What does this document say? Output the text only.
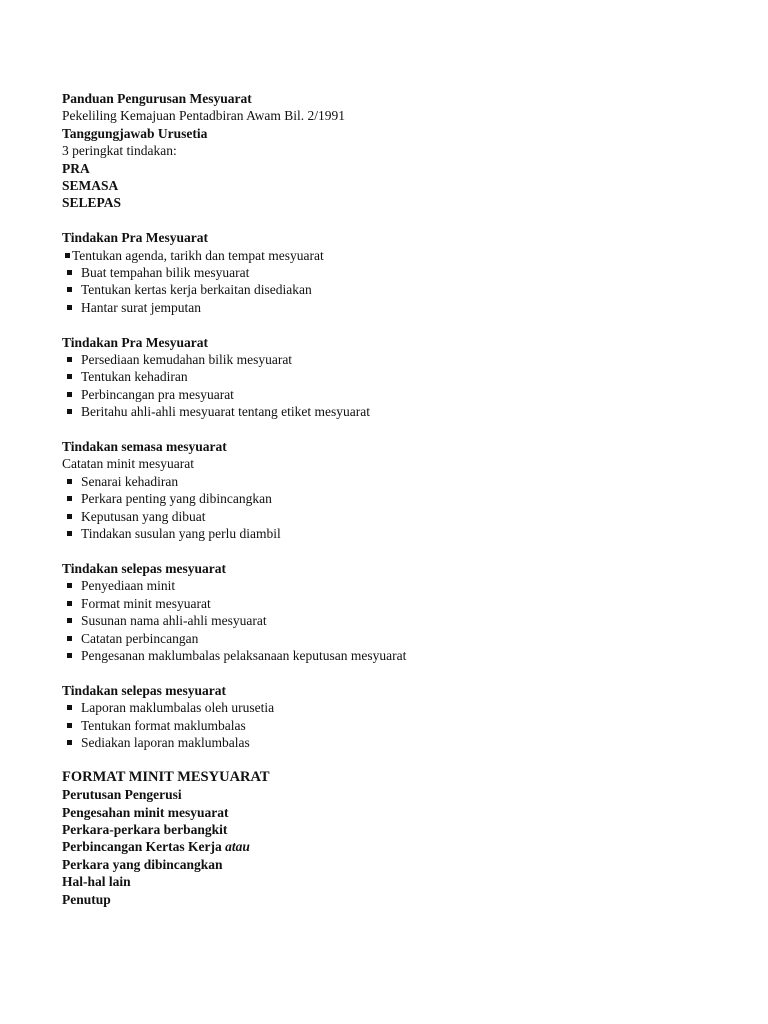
Panduan Pengurusan Mesyuarat
Pekeliling Kemajuan Pentadbiran Awam Bil. 2/1991
Tanggungjawab Urusetia
3 peringkat tindakan:
PRA
SEMASA
SELEPAS
Tindakan Pra Mesyuarat
Tentukan agenda, tarikh dan tempat mesyuarat
Buat tempahan bilik mesyuarat
Tentukan kertas kerja berkaitan disediakan
Hantar surat jemputan
Tindakan Pra Mesyuarat
Persediaan kemudahan bilik mesyuarat
Tentukan kehadiran
Perbincangan pra mesyuarat
Beritahu ahli-ahli mesyuarat tentang etiket mesyuarat
Tindakan semasa mesyuarat
Catatan minit mesyuarat
Senarai kehadiran
Perkara penting yang dibincangkan
Keputusan yang dibuat
Tindakan susulan yang perlu diambil
Tindakan selepas mesyuarat
Penyediaan minit
Format minit mesyuarat
Susunan nama ahli-ahli mesyuarat
Catatan perbincangan
Pengesanan maklumbalas pelaksanaan keputusan mesyuarat
Tindakan selepas mesyuarat
Laporan maklumbalas oleh urusetia
Tentukan format maklumbalas
Sediakan laporan maklumbalas
FORMAT MINIT MESYUARAT
Perutusan Pengerusi
Pengesahan minit mesyuarat
Perkara-perkara berbangkit
Perbincangan Kertas Kerja atau
Perkara yang dibincangkan
Hal-hal lain
Penutup
